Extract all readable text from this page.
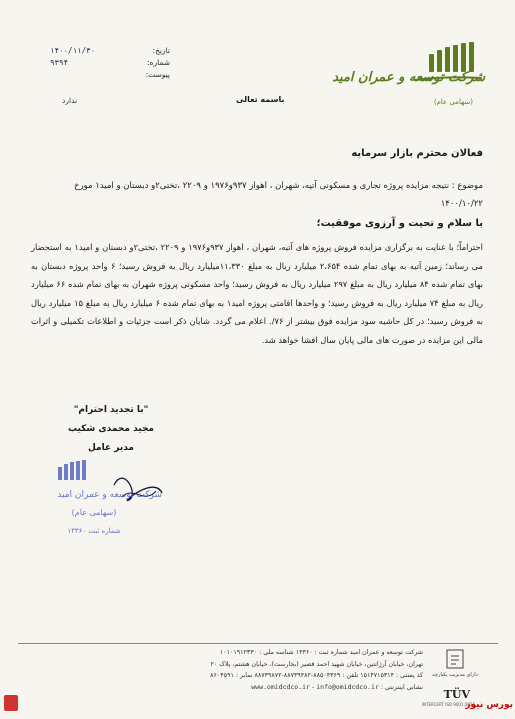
تاریخ:
۱۴۰۰/۱۱/۳۰
شماره:
۹۳۹۴
پیوست:
ندارد	باسمه تعالی
شرکت توسعه و عمران امید
(سهامی عام)
فعالان محترم بازار سرمایه
موضوع : نتیجه مزایده پروژه تجاری و مسکونی آتیه، شهران ، اهواز ۹۳۷و۱۹۷۶ و ۲۲۰۹ ،تختی۲و دبستان و امید۱ مورخ
۱۴۰۰/۱۰/۲۲
با سلام و تحیت و آرزوی موفقیت؛
احتراماً؛ با عنایت به برگزاری مزایده فروش پروژه های آتیه، شهران ، اهواز ۹۳۷و۱۹۷۶ و ۲۲۰۹ ،تختی۲و دبستان و امید۱ به استحضار می رساند؛ زمین آتیه به بهای تمام شده ۲،۶۵۴ میلیارد ریال به مبلغ ۱۱،۳۳۰میلیارد ریال به فروش رسید؛ ۶ واحد پروژه دبستان به بهای تمام شده ۸۴ میلیارد ریال به مبلغ ۲۹۷ میلیارد ریال به فروش رسید؛ واحد مسکونی پروژه شهران به بهای تمام شده ۶۶ میلیارد ریال به مبلغ ۷۴ میلیارد ریال به فروش رسید؛ و واحدها اقامتی پروژه امید۱ به بهای تمام شده ۶ میلیارد ریال به مبلغ ۱۵ میلیارد ریال به فروش رسید؛ در کل حاشیه سود مزایده فوق بیشتر از ۷۶/. اعلام می گردد. شایان ذکر است جزئیات و اطلاعات تکمیلی و اثرات مالی این مزایده در صورت های مالی پایان سال افشا خواهد شد.
"با تجدید احترام"
مجید محمدی شکیب
مدیر عامل
شرکت توسعه و عمران امید
(سهامی عام)
شماره ثبت ۱۴۳۶۰
شرکت توسعه و عمران امید شماره ثبت : ۱۴۳۶۰ شناسه ملی : ۱۰۱۰۱۹۱۲۳۳۰
تهران، خیابان آرژانتین، خیابان شهید احمد قصیر (بخارست)، خیابان هشتم، پلاک ۲۰
کد پستی : ۱۵۱۴۷۱۵۳۱۴ تلفن : ۸۸۵۰۴۳۶۹-۸۸۷۳۹۴۸۲-۸۸۷۳۹۸۷۲ نمابر : ۸۶۰۴۵۹۱
نشانی اینترنتی : www.omidcdco.ir - info@omidcdco.ir
دارای مدیریت یکپارچه
TÜV
INTERCERT ISO 9001:2015
بورس نیوز
